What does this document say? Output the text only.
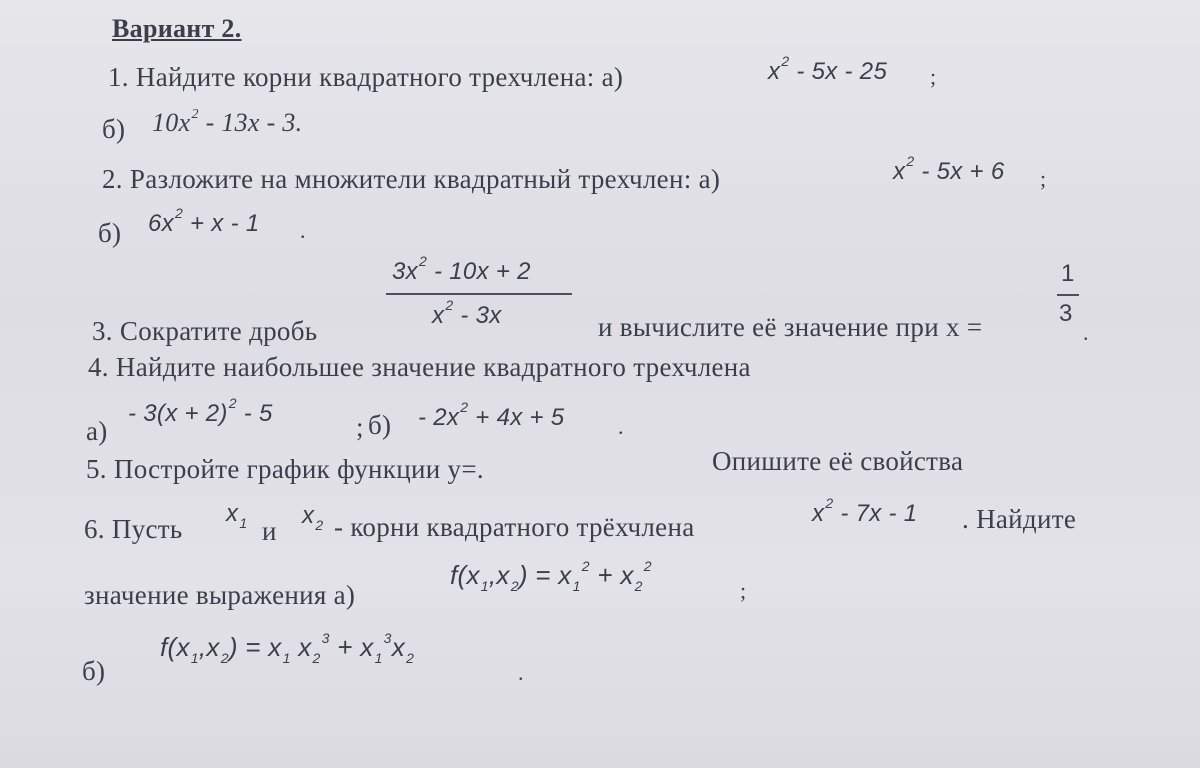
Вариант 2.
1. Найдите корни квадратного трехчлена: а)	$x^2 - 5x - 25$ ;
б) $10x^2 - 13x - 3$.
2. Разложите на множители квадратный трехчлен: а)	$x^2 - 5x + 6$ ;
б) $6x^2 + x - 1$ .
$3x^2 - 10x + 2$
$x^2 - 3x$
3. Сократите дробь	и вычислите её значение при x =
1
3
.
4. Найдите наибольшее значение квадратного трехчлена
а)
- $3(x + 2)^2 - 5$	; $б) - 2x^2 + 4x + 5$ .
5. Постройте график функции y=.	Опишите её свойства
6. Пусть
$x_1$ и
$x_2$ - корни квадратного трёхчлена	$x^2 - 7x - 1$ . Найдите
значение выражения а)
$f(x_1,x_2) = x_1^2 + x_2^2$
;
б)
$f(x_1,x_2) = x_1$ $x_2^3 + x_1^3x_2$
.
